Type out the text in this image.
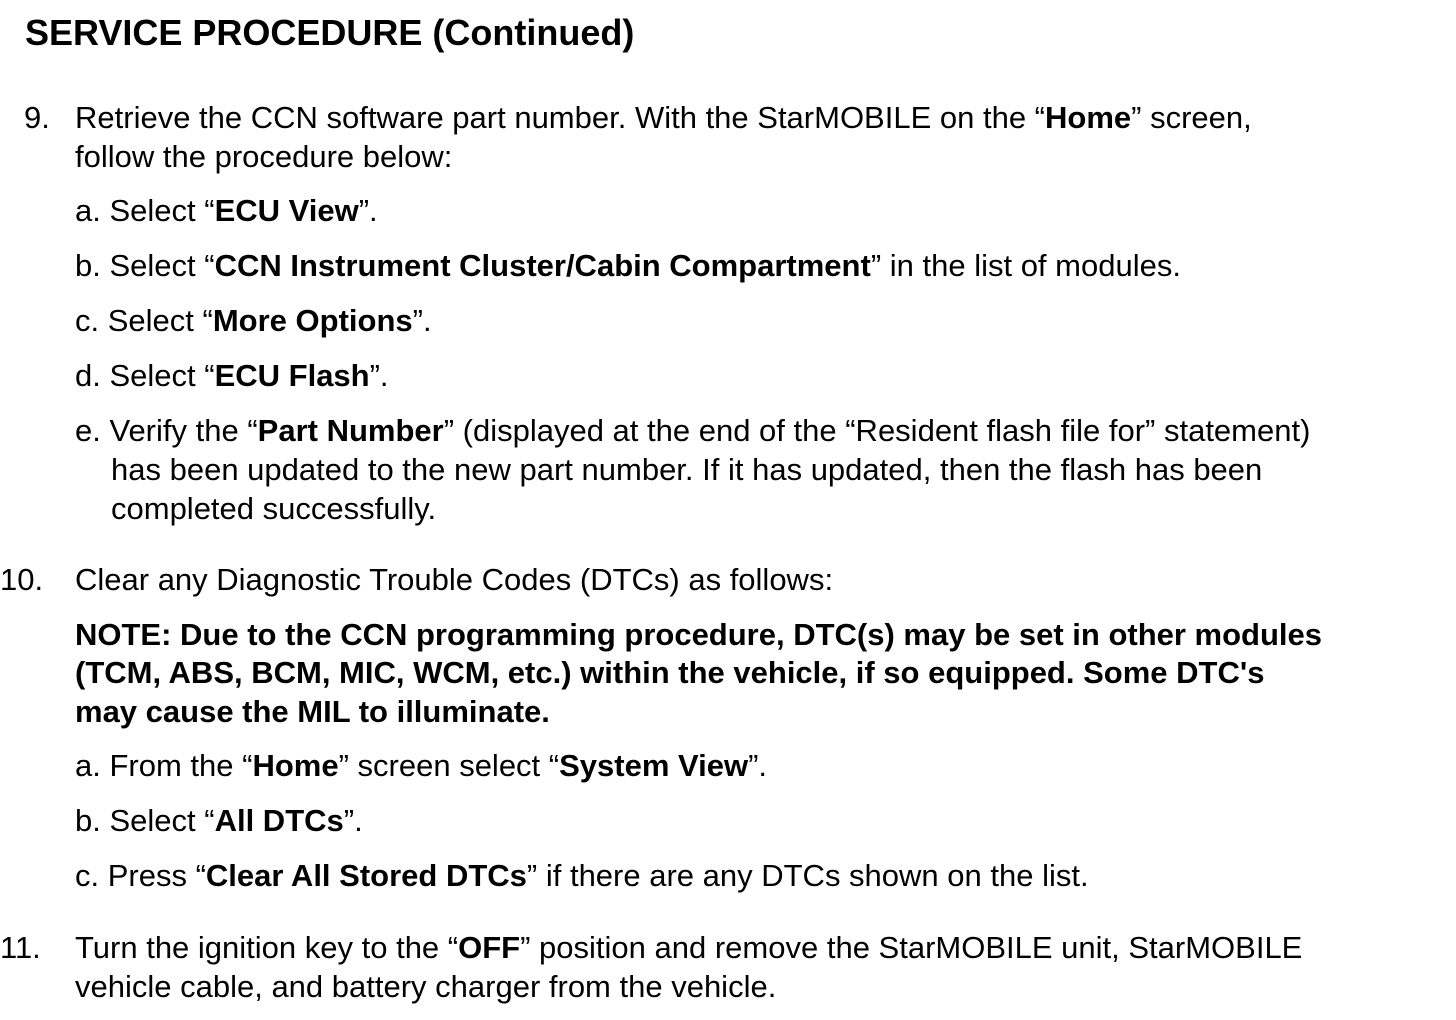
SERVICE PROCEDURE (Continued)
9. Retrieve the CCN software part number. With the StarMOBILE on the “Home” screen,
follow the procedure below:
a. Select “ECU View”.
b. Select “CCN Instrument Cluster/Cabin Compartment” in the list of modules.
c. Select “More Options”.
d. Select “ECU Flash”.
e. Verify the “Part Number” (displayed at the end of the “Resident flash file for” statement)
has been updated to the new part number. If it has updated, then the flash has been
completed successfully.
10. Clear any Diagnostic Trouble Codes (DTCs) as follows:
NOTE: Due to the CCN programming procedure, DTC(s) may be set in other modules
(TCM, ABS, BCM, MIC, WCM, etc.) within the vehicle, if so equipped. Some DTC's
may cause the MIL to illuminate.
a. From the “Home” screen select “System View”.
b. Select “All DTCs”.
c. Press “Clear All Stored DTCs” if there are any DTCs shown on the list.
11. Turn the ignition key to the “OFF” position and remove the StarMOBILE unit, StarMOBILE
vehicle cable, and battery charger from the vehicle.
